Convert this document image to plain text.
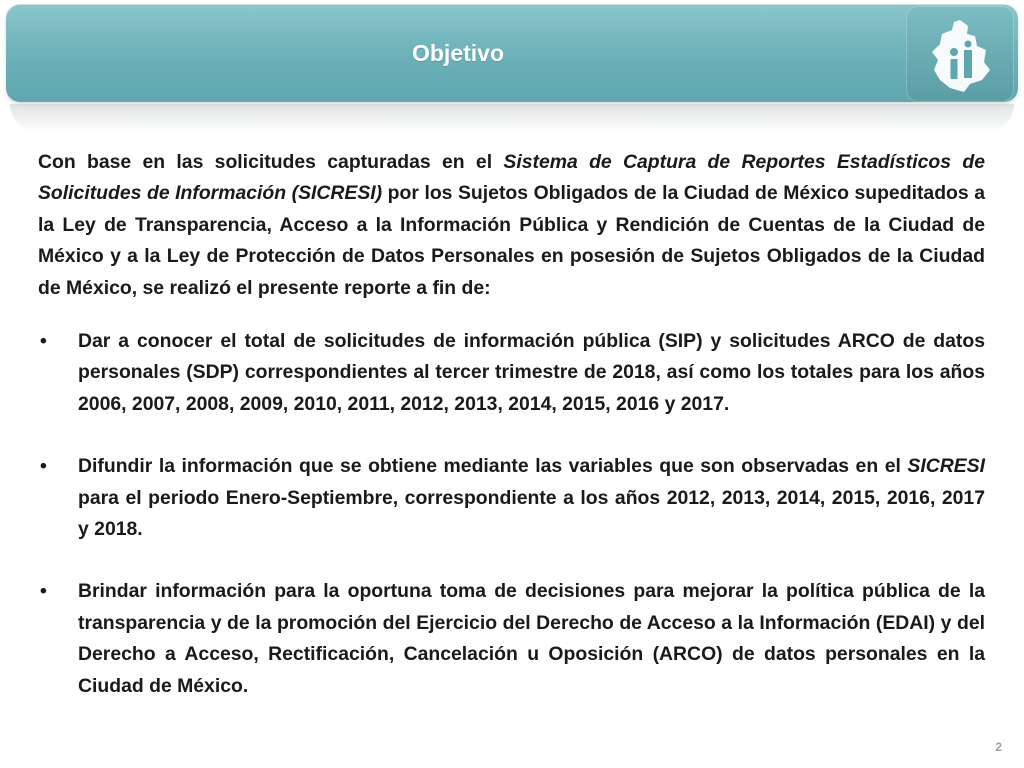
Objetivo

Con base en las solicitudes capturadas en el Sistema de Captura de Reportes Estadísticos de Solicitudes de Información (SICRESI) por los Sujetos Obligados de la Ciudad de México supeditados a la Ley de Transparencia, Acceso a la Información Pública y Rendición de Cuentas de la Ciudad de México y a la Ley de Protección de Datos Personales en posesión de Sujetos Obligados de la Ciudad de México, se realizó el presente reporte a fin de:

• Dar a conocer el total de solicitudes de información pública (SIP) y solicitudes ARCO de datos personales (SDP) correspondientes al tercer trimestre de 2018, así como los totales para los años 2006, 2007, 2008, 2009, 2010, 2011, 2012, 2013, 2014, 2015, 2016 y 2017.
• Difundir la información que se obtiene mediante las variables que son observadas en el SICRESI para el periodo Enero-Septiembre, correspondiente a los años 2012, 2013, 2014, 2015, 2016, 2017 y 2018.
• Brindar información para la oportuna toma de decisiones para mejorar la política pública de la transparencia y de la promoción del Ejercicio del Derecho de Acceso a la Información (EDAI) y del Derecho a Acceso, Rectificación, Cancelación u Oposición (ARCO) de datos personales en la Ciudad de México.
2
